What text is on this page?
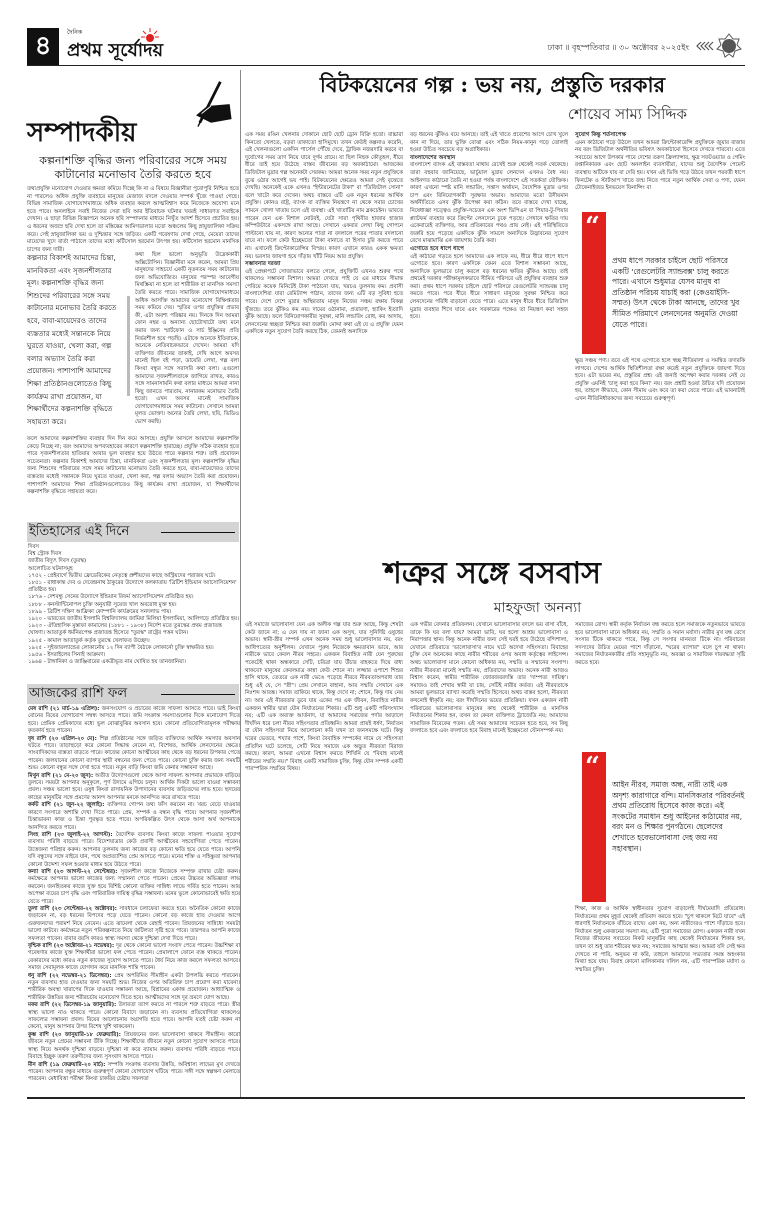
৪	দৈনিক
প্রথম সূর্যোদয়	ঢাকা ॥ বৃহস্পতিবার ॥ ৩০ অক্টোবর ২০২৫ইং
সম্পাদকীয়
কল্পনাশক্তি বৃদ্ধির জন্য পরিবারের সঙ্গে সময়
কাটানোর মনোভাব তৈরি করতে হবে

তথ্যপ্রযুক্তি মনোযোগ দেওয়ার ক্ষমতা কমিয়ে দিচ্ছে কি না এ বিষয়ে বিজ্ঞানীরা পুরোপুরি নিশ্চিত হতে না পারলেও অধিক প্রযুক্তি ব্যবহারে মানুষের মেজাজ বদলে দেওয়ার সম্পর্ক খুঁজে পাওয়া গেছে। বিভিন্ন সামাজিক যোগাযোগমাধ্যমে অধিক ব্যবহার করলে আত্মবিশ্বাস কমে নিজেকে অযোগ্য মনে হতে পারে। অনলাইনে সবাই নিজের সেরা ছবি আর ইতিবাচক ঘটনার খবরই সাধারণত সবাইকে দেখান। এ ছাড়া বিভিন্ন বিজ্ঞাপনে অনেক ছবি সম্পাদনার মাধ্যমে নিখুঁত আদর্শ হিসেবে প্রচারিত হয়। এ ধরনের অজস্র ছবি দেখা হলে তা মস্তিষ্কের আমিগডালার মতো অঞ্চলের কিছু স্নায়ুজালিকা সক্রিয় করে। সেই স্নায়ুজালিকা ভয় ও দুশ্চিন্তার সঙ্গে জড়িত। একটি গবেষণায় দেখা গেছে, মেয়েরা তাদের মায়েদের খুদে বার্তা পাঠালে তাদের মধ্যে কর্টিসোল হরমোন উৎপন্ন হয়। কর্টিসোল হরমোন মানসিক চাপের জন্য দায়ী।

কল্পনার বিকাশই আমাদের চিন্তা, মানবিকতা এবং সৃজনশীলতার মূল। কল্পনাশক্তি বৃদ্ধির জন্য শিশুদের পরিবারের সঙ্গে সময় কাটানোর মনোভাব তৈরি করতে হবে, বাবা-মায়েদেরও তাদের ব্যস্ততার মধ্যেই সন্তানকে নিয়ে ঘুরতে যাওয়া, খেলা করা, গল্প বলার অভ্যাস তৈরি করা প্রয়োজন। পাশাপাশি আমাদের শিক্ষা প্রতিষ্ঠানগুলোতেও কিছু কার্যক্রম রাখা প্রয়োজন, যা শিক্ষার্থীদের কল্পনাশক্তি বৃদ্ধিতে সহায়তা করে।

কথা ছিল ভালো অনুভূতি উদ্রেককারী অক্সিটোসিন। বিজ্ঞানীরা মনে করেন, আমরা প্রিয় মানুষদের সাহচর্যে একটি নূতনতম সময় কাটানোর জন্য অভিযোজিত। মানুষের পরস্পর আবেগীয় মিথস্ক্রিয়া না হলে তা শারীরিক বা মানসিক সমস্যা তৈরি করতে পারে। সামাজিক যোগাযোগমাধ্যমে অধিক আসক্তি আমাদের মনোযোগ বিক্ষিপ্ততার সময় কমিয়ে দেয়। স্মৃতির ওপর প্রযুক্তির প্রভাব কী, এটা অবশ্য পরিষ্কার নয়। দিনকে দিন আমরা ফোন নম্বর ও অন্যান্য ছোটোখাটো তথ্য মনে করার জন্য স্মার্টফোন ও সার্চ ইঞ্জিনের প্রতি নির্ভরশীল হয়ে পড়ছি। এটাকে অনেকে ইতিবাচক, অনেকে নেতিবাচকভাবে দেখেন। আমরা যদি ব্যক্তিগত জীবনের তাকাই, দেখি আগে অবসর মানেই ছিল বই পড়া, ডায়েরি লেখা, গল্প বলা কিংবা বন্ধুর সঙ্গে সরাসরি কথা বলা। এগুলো আমাদের সৃজনশীলতাকে জাগিয়ে রাখত, কারও সঙ্গে সামনাসামনি কথা বলার মাধ্যমে আমরা নানা কিছু জানতে পারতাম, নানারকম মনোভাব তৈরি হতো। এখন অবসর মানেই সামাজিক যোগাযোগমাধ্যমে সময় কাটানো। সেখানে আমরা মূলত ভোক্তা। অন্যের তৈরি লেখা, ছবি, ভিডিও ভোগ করছি।

ফলে আমাদের কল্পনাশক্তির ব্যবহার দিন দিন কমে আসছে। প্রযুক্তি আসলে আমাদের কল্পনাশক্তি কেড়ে নিচ্ছে না; বরং আমাদের অপব্যবহারের কারণে কল্পনাশক্তি হারাচ্ছে। প্রযুক্তি সঠিক ব্যবহার হতে পারে সৃজনশীলতার হাতিয়ার আবার ভুল ব্যবহার হয়ে উঠতে পারে কল্পনার শত্রু। তাই প্রয়োজন সচেতনতা। কল্পনার বিকাশই আমাদের চিন্তা, মানবিকতা এবং সৃজনশীলতার মূল। কল্পনাশক্তি বৃদ্ধির জন্য শিশুদের পরিবারের সঙ্গে সময় কাটানোর মনোভাব তৈরি করতে হবে, বাবা-মায়েদেরও তাদের ব্যস্ততার মধ্যেই সন্তানকে নিয়ে ঘুরতে যাওয়া, খেলা করা, গল্প বলার অভ্যাস তৈরি করা প্রয়োজন। পাশাপাশি আমাদের শিক্ষা প্রতিষ্ঠানগুলোতেও কিছু কার্যক্রম রাখা প্রয়োজন, যা শিক্ষার্থীদের কল্পনাশক্তি বৃদ্ধিতে সহায়তা করে।

ইতিহাসের এই দিনে
দিবস
বিশ্ব স্ট্রোক দিবস
জাতীয় বিদ্যুৎ দিবস (তুরস্ক)
আলোচিত ঘটনাসমূহ
১৭৫২ - প্রেইবার্গে দ্বিতীয় ফ্রেডেরিকের নেতৃত্বে প্রুশীয়দের কাছে অস্ট্রিয়দের পরাজয় ঘটে।
১৮৫১ - রাধাকান্ত দেব ও দেবেন্দ্রনাথ ঠাকুরের উদ্যোগে কলকাতায় 'ব্রিটিশ ইন্ডিয়ান অ্যাসোসিয়েশন' প্রতিষ্ঠিত হয়।
১৮৭৬ - দেশবন্ধু সেনের উদ্যোগে ইন্ডিয়ান রিফর্ম অ্যাসোসিয়েশন প্রতিষ্ঠিত হয়।
১৮৮৮ - কনস্টান্টিনোপল চুক্তি অনুযায়ী সুয়েজ খাল অবরোধ মুক্ত হয়।
১৮৯৯ - ব্রিটিশ দক্ষিণ আফ্রিকা কোম্পানি কার্যক্রমের সনদলাভ পায়।
১৯২০ - ভারতের জাতীয় ইসলামি বিশ্ববিদ্যালয় জামিয়া মিলিয়া ইসলামিয়া, আলিগড়ে প্রতিষ্ঠিত হয়।
১৯২৩ - ঐতিহাসিক মুস্তাফা কামালের (১৮৮১ - ১৯৩৮) নির্দেশ মতে তুরস্কের প্রথম প্রজাতন্ত্র ঘোষণা। আতাতুর্ক ধর্মনিরপেক্ষ প্রজাতন্ত্র হিসেবে "তুরস্ক" রাষ্ট্রের পত্তন ঘটান।
১৯২৫ - কামাল আতাতুর্ক কর্তৃক তুরস্কে খেলাফত উচ্ছেদ।
১৯২৫ - সুইজারল্যান্ডের লোকার্নোয় ১২ দিন ব্যাপী বৈঠকে লোকার্নো চুক্তি স্বাক্ষরিত হয়।
১৯৫৬ - ইসরাইলের সিনাই আক্রমণ।
১৯৬৪ - টাঙ্গানিকা ও জাঞ্জিবারের একত্রীভূত নাম ঘোষিত হয় তানজানিয়া।
আজকের রাশি ফল

মেষ রাশি (২১ মার্চ-১৯ এপ্রিল): জনসংযোগ ও প্রচারের কাজে সাফল্য আসতে পারে। ভাই কিংবা বোনের বিয়ের যোগাযোগ সম্বন্ধ আসতে পারে। জমি সংক্রান্ত সমস্যাগুলোর দিকে মনোযোগ দিতে হবে। প্রেমিক প্রেমিকাদের মধ্যে ভুল বোঝাবুঝির অবসান হবে। কোনো প্রতিযোগিতামূলক পরীক্ষায় কৃতকার্য হতে পারেন।

বৃষ রাশি (২০ এপ্রিল-২০ মে): শিল্প প্রতিষ্ঠানের সঙ্গে জড়িত ব্যক্তিদের আর্থিক সমস্যার অবসান ঘটতে পারে। তাড়াহুড়ো করে কোনো সিদ্ধান্ত নেবেন না, বিশেষত, আর্থিক লেনদেনের ক্ষেত্রে। সাংবাদিকদের ব্যস্ততা বাড়তে পারে। কাজের কোনো আত্মীয়ের কাছ থেকে বড় ধরনের উপকার পেতে পারেন। জলযানের কোনো ব্যাপার স্থায়ী বন্ধনের জন্য পেতে পারে। কোনো চুক্তি করার জন্য সময়টি শুভ। কোনো বন্ধুর সঙ্গে দেখা হতে পারে। নতুন বাড়ি কিংবা জমি কেনার সম্ভাবনা আছে।

মিথুন রাশি (২১ মে-২০ জুন): অতীত উদ্যোগগুলো থেকে আসা সাফল্য আপনার প্রভাবকে বাড়িয়ে তুলবে। সময়টা আপনার অনুকূলে, পূর্ণ উদ্যমে এগিয়ে চলুন। আর্থিক দিকটা ভালো যাওয়া সম্ভাবনা প্রবল। সঞ্চয় ভালো হবে। ওষুধ কিংবা রাসায়নিক উপাদানের ব্যবসায় জড়িতদের লাভ হবে। হৃদয়ের কাছের মানুষটির সঙ্গে প্রমণের আনন্দ আপনার মনকে আনন্দিত করে রাখতে পারে।

কর্কট রাশি (২১ জুন-২২ জুলাই): ব্যক্তিগত গোপন তথ্য ফাঁস করবেন না। খরচ বেড়ে যাওয়ার কারণে সংসারে অশান্তি দেখা দিতে পারে। প্রেম, সম্পর্ক ও বন্ধন বৃদ্ধি পাবে। আপনার সৃজনশীল চিন্তাভাবনা কাজ ও চিন্তা পুরস্কৃত হতে পারে। অপরিকল্পিত উৎস থেকে আসা অর্থ আপনাকে আনন্দিত করতে পারে।

সিংহ রাশি (২৩ জুলাই-২২ আগস্ট): বৈদেশিক ব্যবসায় কিংবা কাজে সাফল্য পাওয়ার সুযোগ ব্যবসায় পরিধি বাড়তে পারে। বিদেশযাত্রার কেউ প্রবাসী আত্মীয়ের সহযোগিতা পেতে পারেন। উত্তেজনা পরিহার করুন। আপনার তুলনায় জন্য কাজের বড় কোনো ক্ষতি হয়ে যেতে পারে। আপনি যদি বন্ধুদের সঙ্গে বাইরে যান, পথে অপ্রত্যাশিত প্রেম আসতে পারে। মনের শক্তি ও সহিষ্ণুতা আপনার কোনো উদ্দেশ্য সফল হওয়ার মাধ্যম হয়ে উঠতে পারে।

কন্যা রাশি (২৩ আগস্ট-২২ সেপ্টেম্বর): সৃজনশীল কাজে নিজেকে সম্পৃক্ত রাখার চেষ্টা করুন। কর্মক্ষেত্রে আপনার ভালো কাজের জন্য সম্মাননা পেতে পারেন। প্রেমের উচ্চতর অভিজ্ঞতা লাভ করবেন। জনহিতকর কাজে যুক্ত হয়ে বিশিষ্ট কোনো ব্যক্তির সান্নিধ্য লাভে গর্বিত হতে পারেন। আয় অপেক্ষা ব্যয়ের চাপ বৃদ্ধি এবং পারিবারিক দায়িত্ব বৃদ্ধির সম্ভাবনা। মনের ভুলে কোনোভাবেই ক্ষতি হয়ে যেতে পারে।

তুলা রাশি (২৩ সেপ্টেম্বর-২২ অক্টোবর): সাবধানে চলাফেরা করতে হবে। অনৈতিক কোনো কাজে জড়াবেন না, বড় ধরনের বিপদের পড়ে যেতে পারেন। কোনো বড় কাজে হাত দেওয়ার আগে গুরুজনদের পরামর্শ নিয়ে নেবেন। এতে ঝামেলা থেকে রেহাই পাবেন। প্রিয়জনের সান্নিধ্যে সময়টা ভালো কাটবে। কর্মক্ষেত্রে নতুন পরিকল্পনাতে নিয়ে জটিলতা সৃষ্টি হতে পারে। তারপরও আপনি কাজে সফলতা পাবেন। বাবার বয়সি কারও স্বাস্থ্য সমস্যা থেকে দুশ্চিন্তা দেখা দিতে পারে।

বৃশ্চিক রাশি (২৩ অক্টোবর-২১ নভেম্বর): দূর থেকে কোনো ভালো সংবাদ পেতে পারেন। উচ্চশিক্ষা বা গবেষণার কাজে যুক্ত শিক্ষার্থীরা ভালো ফল পেতে পারেন। প্রেমালাপে ফোনে ব্যস্ত থাকতে পারেন। বেকারদের মধ্যে কারও নতুন কাজের সুযোগ আসতে পারে। ধৈর্য নিয়ে কাজ করলে সফলতা আসবে। সমাজ সেবামূলক কাজে যোগদান করে মানসিক শান্তি পাবেন।

ধনু রাশি (২২ নভেম্বর-২১ ডিসেম্বর): প্রেম অপরিমিত সীমাহীন একটা উপলব্ধি করতে পারবেন। নতুন ব্যবসায় হাত দেওয়ার জন্য সময়টি শুভ। নিজের ওপর অতিরিক্ত চাপ প্রয়োগ করা যাবেনা। শারীরিক অবস্থা খারাপের দিকে যাওয়ার সম্ভাবনা আছে, বিশ্রামের একান্ত প্রয়োজন। আধ্যাত্মিক ও শারীরিক উন্নতির জন্য শরীরচর্চায় মনোযোগ দিতে হবে। আত্মীয়দের সঙ্গে দূর ভ্রমণে যোগ আছে।

মকর রাশি (২২ ডিসেম্বর-১৯ জানুয়ারি): উদারতা ত্যাগ করতে না পারলে শত্রু বাড়তে পারে। স্ত্রীর স্বাস্থ্য ভালো নাও থাকতে পারে। কোনো বিবাদে জড়াবেন না। ব্যবসায় প্রতিযোগিতা থাকলেও সাফল্যের সম্ভাবনা প্রবল। বিয়ের আলোচনায় অগ্রগতি হতে পারে। আপনি যতই চেষ্টা করুন না কেনো, মানুষ আপনার উপর বিশেষ খুশি থাকবেনা।

কুম্ভ রাশি (২০ জানুয়ারি-১৮ ফেব্রুয়ারি): প্রিয়জনের জন্য ভালোবাসা থাকবে সীমাহীন। কারো জীবনে নতুন প্রেমের সম্ভাবনা উঁকি দিচ্ছে। শিক্ষার্থীদের জীবনে নতুন কোনো সুযোগ আসতে পারে। স্বাস্থ্য নিয়ে অনর্থক দুশ্চিন্তা বাড়বে। দুশ্চিন্তা না করে ব্যায়াম করুন। ব্যবসায় পরিধি বাড়তে পারে। বিবাহে ইচ্ছুক তরুণ তরুণীদের জন্য সুসংবাদ আসতে পারে।

মীন রাশি (১৯ ফেব্রুয়ারি-২০ মার্চ): সম্পত্তি সংক্রান্ত ব্যবসায় উন্নতি, অবিশ্বাস্য লাভের মুখ দেখতে পারেন। আপনার বন্ধুর মাধ্যমে গুরুত্বপূর্ণ কোনো যোগাযোগ ঘটিয়ে পারে। সঙ্গী সঙ্গে স্বল্পক্ষণ মেলাতে পারবেন। মেধাবিত্তা পরীক্ষা কিংবা চাকরির চেষ্টায় সফলতা

বিটকয়েনের গল্প : ভয় নয়, প্রস্তুতি দরকার
শোয়েব সাম্য সিদ্দিক
এক সময় রঙিন খেলনার দোকানে ছোট ছোট ড্রোন বিক্রি হতো। বাচ্চারা কিনতো খেলতে, বড়রা তাকাতো হাসিমুখে। তখন কেউই কল্পনাও করেনি, এই খেলনাগুলো একদিন পার্সেল পৌঁছে দেবে, ট্রাফিক নজরদারি করবে বা দুর্যোগের সময় ত্রাণ নিয়ে যাবে দুর্গম গ্রামে। যা ছিল নিছক কৌতূহল, ধীরে ধীরে তাই হয়ে উঠেছে বাস্তব জীবনের বড় অবকাঠামো। আজকের ডিজিটাল মুদ্রার গল্প অনেকটা সেরকম। আমরা অনেক সময় নতুন প্রযুক্তিকে বুঝে ওঠার আগেই ভয় পাই। বিটকয়েনের ক্ষেত্রেও আমরা সেই বৃত্তেতে দেখছি। অনেকেই একে এখনও "ইন্টারনেটের টাকা" বা "ডিজিটাল সোনা" বলে খাটো করে দেখেন। অথচ বাস্তবে এটি এক নতুন ধরনের আর্থিক প্রযুক্তি। কোনও রাষ্ট্র, ব্যাংক বা ব্যক্তির নিয়ন্ত্রণে না থেকে সবার চোখের সামনে খোলা খাতায় চলে এই ব্যবস্থা। এই খাতাটির নাম ব্লকচেইন। ভাবতে পারেন যেন এক বিশাল নোটবই, যেটা সারা পৃথিবীর হাজার হাজার কম্পিউটারে একসঙ্গে রাখা আছে। সেখানে একবার লেখা কিছু গোপনে পাল্টানো যায় না, কারণ অন্যের পাতা না বদলালে পরের পাতার বদলানো যাবে না। ফলে কেউ ইচ্ছেমতো টাকা বানাতে বা হিসাব চুরি করতে পারে না। এখানেই ক্রিপ্টোকারেন্সির বিস্ময়। কারণ এখানে কারও একক ক্ষমতা নয়। ভরসার জায়গা হয়ে দাঁড়ায় খাঁটি নিয়ম আর প্রযুক্তি।
সম্ভাবনার দরজা
এই প্রেক্ষাপটে সোজাভাবে বলতে গেলে, প্রযুক্তিটি এখনও শুরুর পথে থাকলেও সম্ভাবনা বিশাল। আমরা দেখতে পাই যে এর মাধ্যমে সীমান্ত পেরিয়ে কয়েক মিনিটেই টাকা পাঠানো যায়, খরচও তুলনায় কম। প্রবাসী বাংলাদেশিরা যারা রেমিট্যান্স পাঠান, তাদের জন্য এটি বড় সুবিধা হতে পারে। দেশে দেশে মুদ্রার অস্থিরতায় মানুষ নিজের সঞ্চয় রক্ষায় বিকল্প খুঁজছে। তবে ঝুঁকিও কম নয়। দামের ওঠানামা, প্রতারণা, হ্যাকিং ইত্যাদি ঝুঁকি আছে। ফলে বিনিয়োগকারীর সুরক্ষা, মানি লন্ডারিং রোধ, কর আদায়, লেনদেনের স্বচ্ছতা নিশ্চিত করা জরুরি। মোদ্দা কথা এই যে এ প্রযুক্তি যেমন একদিকে নতুন সুযোগ তৈরি করছে ঠিক, তেমনই অন্যদিকে
বড় ধরনের ঝুঁকিও বয়ে আনছে। তাই এই খাতে প্রবেশের আগে চোখ খুলে কান না দিয়ে, তার ভুক্তি বোঝা এবং সঠিক নিয়ম-কানুন গড়ে তোলাই হওয়া উচিত সবচেয়ে বড় অগ্রাধিকার।
বাংলাদেশের অবস্থান
বাংলাদেশ ব্যাংক এই বাস্তবতা মাথায় রেখেই শুরু থেকেই সতর্ক থেকেছে। তারা বহুবার জানিয়েছে, ভার্চুয়াল মুদ্রায় লেনদেন এখনও বৈধ নয়। আইনগত কাঠামো তৈরি না হওয়া পর্যন্ত বাংলাদেশে এই সতর্কতা যৌক্তিক। কারণ এখনো স্পষ্ট মানি লন্ডারিং, সন্ত্রাস অর্থায়ন, বৈদেশিক মুদ্রার ওপর চাপ এবং বিনিয়োগকারী সুরক্ষার অভাব। আমাদের মতো উদীয়মান অর্থনীতিতে এসব ঝুঁকি উপেক্ষা করা কঠিন। তবে বাস্তবে দেখা যাচ্ছে, নিষেধাজ্ঞা সত্ত্বেও প্রযুক্তি-সচেতন এক অংশ ভিপিএন বা পিয়ার-টু-পিয়ার প্ল্যাটফর্ম ব্যবহার করে ক্রিপ্টো লেনদেনে ঢুকে পড়ছে। সেখানে ক্ষতির দায় একেবারেই ব্যক্তিগত, আর প্রতিকারের পথও প্রায় নেই। এই পরিস্থিতিতে জরুরি হয়ে পড়েছে একদিকে ঝুঁকি সামলে অন্যদিকে উদ্ভাবনের সুযোগ রেখে মাঝামাঝি এক জায়গায় তৈরি করা।
এগোতে হবে ধাপে ধাপে
এই কাঠামো গড়তে হলে আমাদের এক লাফে নয়, ধীরে ধীরে ধাপে ধাপে এগোতে হবে। কারণ একদিকে যেমন এতে বিশাল সম্ভাবনা আছে, অন্যদিকে ভুলভাবে চালু করলে বড় ধরনের ক্ষতির ঝুঁকিও আছে। তাই প্রথমেই দরকার পরীক্ষামূলকভাবে সীমিত পরিসরে এই প্রযুক্তির ব্যবহার শুরু করা। প্রথম ধাপে সরকার চাইলে ছোট পরিসরে রেগুলেটরি স্যান্ডবক্স চালু করতে পারে। পরে ধীরে ধীরে সাধারণ মানুষের সুরক্ষা নিশ্চিত করে লেনদেনের পরিধি বাড়ানো যেতে পারে। এতে মানুষ ধীরে ধীরে ডিজিটাল মুদ্রার ব্যবহার শিখে যাবে এবং সরকারের পক্ষেও তা নিয়ন্ত্রণ করা সহজ হবে।
সুযোগ কিন্তু শর্তসাপেক্ষ
এমন কাঠামো গড়ে উঠলে তখন আমরা ক্রিপ্টোকারেন্সি প্রযুক্তিকে জুয়ার বাজার নয় বরং ডিজিটাল অর্থনীতির ভবিষ্যৎ অবকাঠামো হিসেবে দেখতে পারবো। এতে সবচেয়ে আগে উপকার পাবে দেশের তরুণ ফ্রিল্যান্সার, ক্ষুদ্র সফটওয়্যার ও গেমিং রপ্তানিকারক এবং ছোট অনলাইন ব্যবসায়ীরা, যাদের শুধু বৈদেশিক পেমেন্ট ব্যবস্থায় অটিকে যায় বা দেরি হয়। যখন এই ভিত্তি গড়ে উঠবে তখন পরবর্তী ধাপে ফিনটেক ও স্টার্টআপ খাতে জন্ম নিতে পারে নতুন আর্থিক সেবা ও পণ্য, যেমন টোকেনাইজড ইনভয়েস ফিনান্সিং বা
“
প্রথম ধাপে সরকার চাইলে ছোট পরিসরে একটি 'রেগুলেটরি স্যান্ডবক্স' চালু করতে পারে। এখানে শুধুমাত্র যেসব মানুষ বা প্রতিষ্ঠান পরিচয় যাচাই করা (কেওয়াইসি-সম্মত) উৎস থেকে টাকা আনছে, তাদের খুব সীমিত পরিমাণে লেনদেনের অনুমতি দেওয়া যেতে পারে।
ক্ষুদ্র সঞ্চয় পণ্য। তবে এই পথে এগোতে হলে স্বচ্ছ নীতিমালা ও সমন্বিত তদারকি লাগবে। দেশের আর্থিক স্থিতিশীলতা রক্ষা করেই নতুন প্রযুক্তিকে জায়গা দিতে হবে। এটা ভয়ের নয়, প্রস্তুতির প্রশ্ন। এই জন্যই অপেক্ষা করার দরকার নেই যে প্রযুক্তি এমনিই 'চালু করা হবে কিনা' নয়। বরং প্রশ্নটি হওয়া উচিত যদি প্রয়োজন হয়, তাহলে কীভাবে, কোন সীমায় এবং কবে তা করা যেতে পারে। এই ভাবনাটাই এখন নীতিনির্ধারকদের জন্য সবচেয়ে গুরুত্বপূর্ণ।
শত্রুর সঙ্গে বসবাস
মাহফুজা অনন্যা
এই সমাজে ভালোবাসা যেন এক অলীক গল্প যার শুরু আছে, কিন্তু শেষটা কেউ জানে না; এ যেন দায় না জানা এক অসুখ, যার সুনির্দিষ্ট ওষুধের অভাব। স্বামী-স্ত্রীর সম্পর্ক এখন অনেক সময় শুধু ভালোবাসার নয়, বরং আধিপত্যের অনুশীলন। যেখানে পুরুষ নিজেকে ক্ষমতাবান ভাবে, আর নারীকে ভাবে কেবল নীরব সহচর। একজন বিবাহিত নারী যেন পুরুষের পকেটেই থাকা অন্ধকারে সেটি, চরিত্রা যায় উঁচার বাহকতে দিয়ে বাধ্য থাকবে? মানুষের কেবলমাত্র কান্না কেউ শোনে না। লজ্জার ওপাশে শিশুর হাসি থাকে, তেতরে এক নারী ভেঙে পড়েছে নীরবে নীরবতাঅপরাধ তার শুধু এই যে, সে "স্ত্রী"। প্রেম সেখানে বাহানা, আর সম্মতি সেখানে এক নিঃশব্দ আতঙ্ক। সমাজ তাকিয়ে থাকে, কিন্তু দেখে না; শোনে, কিন্তু দায় নেয় না। আর এই নীরবতার ডুবে যায় একের পর এক জীবন, বিবাহিত নারীর একজন স্বামীর দ্বারা যৌন নির্যাতনের শিকার। এটি শুধু একটি পরিসংখ্যান নয়; এটি এক অব্যক্ত আর্তনাদ, যা আমাদের সমাজের পর্দার আড়ালে দীর্ঘদিন ধরে চলা নীরব সহিংসতার প্রতিধ্বনি। আমরা প্রায়ই ধর্ষণ, নির্যাতন বা যৌন সহিংসতা নিয়ে আলোচনা করি যখন তা জনসমক্ষে ঘটে। কিন্তু ঘরের ভেতরে, শয্যার পাশে, কিংবা বৈবাহিক সম্পর্কের নামে যে সহিংসতা প্রতিদিন ঘটে চলেছে, সেটি নিয়ে সমাজে এক অদ্ভুত নীরবতা বিরাজ করছে। কারণ, আমরা এখনো বিশ্বাস করতে শিখিনি যে "বিবাহ মানেই শরীরের সম্মতি নয়।" বিবাহ একটি সামাজিক চুক্তি, কিন্তু যৌন সম্পর্ক একটি পারস্পরিক সম্মতির বিষয়।
এক গভীর বেদনার প্রতিফলন। যেখানে ভালোবাসার বদলে ভয় বাসা বাঁধে, তাকে কি ঘর বলা যায়? আমরা ভাবি, ঘর হলো আশ্রয় ভালোবাসা ও নিরাপত্তার স্থান। কিন্তু অনেক নারীর জন্য সেই ঘরই হয়ে উঠেছে বন্দিশালা, যেখানে প্রতিরাতে 'ভালোবাসা'র নামে ঘটে অদেখা সহিংসতা। বিবাহের চুক্তি যেন অনেকের কাছে নারীর শরীরের ওপর অবাধ কর্তৃত্বের লাইসেন্স। অথচ ভালোবাসা মানে কোনো অধিকার নয়, সম্মতি ও সম্মানের সংলাপ। নারীর নীরবতা মানেই সম্মতি নয়, প্রতিবাদের অভাব। অনেক নারী আজও বিশ্বাস করেন, স্বামীর শারীরিক জোরজবরদস্তি তার 'দাম্পত্য দায়িত্ব'। সমাজও তাই শেখায় স্বামী যা চায়, সেটিই নারীর কর্তব্য। এই নীরবতাকে আমরা ভুলভাবে ব্যাখ্যা করেছি সম্মতি হিসেবে। অথচ বাস্তব হলো, নীরবতা কখনোই স্বীকৃতি নয়; বরং দীর্ঘদিনের ভয়ের প্রতিক্রিয়া। যখন একজন নারী পরিবারের ভালোবাসার মানুষের কাছ থেকেই শারীরিক ও মানসিক নির্যাতনের শিকার হন, তখন তা কেবল ব্যক্তিগত ট্র্যাজেডি নয়; আমাদের সামাজিক বিবেকের পতন। এই সময় আমাদের সচেতন হতে হবে, সব কিছু বদলাতে হবে এবং বদলাতে হবে বিবাহ মানেই ইচ্ছেমতো যৌনসম্পর্ক নয়।
সমাজের রোগ। স্বামী কর্তৃক নির্যাতন বন্ধ করতে হলে সমাজকে নতুনভাবে ভাবতে হবে ভালোবাসা মানে অধিকার নয়, সম্মতি ও সমান মর্যাদা। নারীর মুখ বন্ধ রেখে সংসার টিকে থাকতে পারে, কিন্তু সে সংসার মানবতা টিকে না। পরিবারের সদস্যদের উচিত মেয়ের পাশে দাঁড়ানো, "ঘরের ব্যাপার" বলে চুপ না থাকা। সমাজের নির্যাতনকারীর প্রতি সহানুভূতি নয়, অবজ্ঞা ও সামাজিক দায়বদ্ধতা সৃষ্টি করতে হবে।
“
আইন নীরব, সমাজ অন্ধ, নারী তাই এক অদৃশ্য কারাগারে বন্দি। মানসিকতার পরিবর্তনই প্রথম প্রতিরোধ হিসেবে কাজ করে। এই সংকটের সমাধান শুধু আইনের কাঠামোর নয়, বরং মন ও শিক্ষার পুনর্গঠনে। ছেলেদের শেখাতে হবেভালোবাসা দেহ জয় নয় সহাবস্থান।
শিক্ষা, কাজ ও আর্থিক স্বাধীনতার সুযোগ বাড়ালেই দীর্ঘমেয়াদি প্রতিরোধ। নির্যাতনের প্রথম মুহূর্ত থেকেই প্রতিবাদ করতে হবে। "চুপ থাকলে মিটে যাবে" এই ধারণাই নির্যাতনকে বাঁচিয়ে রাখে। একা নয়, অন্য নারীদেরও পাশে দাঁড়াতে হবে। নির্যাতন শুধু একজনের সমস্যা নয়, এটি পুরো সমাজের রোগ। একজন নারী যখন নিজের জীবনের সবচেয়ে নিকট মানুষটির কাছ থেকেই নির্যাতনের শিকার হন, তখন তা শুধু তার শরীরের ক্ষত নয়; সমাজের আত্মার ক্ষত। আমরা যদি সেই ক্ষত দেখতে না পারি, অনুভব না করি, তাহলে আমাদের সভ্যতার সমস্ত অহংকার মিথ্যা হয়ে যায়। বিবাহ কোনো মালিকানার দলিল নয়, এটি পারস্পরিক মর্যাদা ও সম্মতির চুক্তি।
